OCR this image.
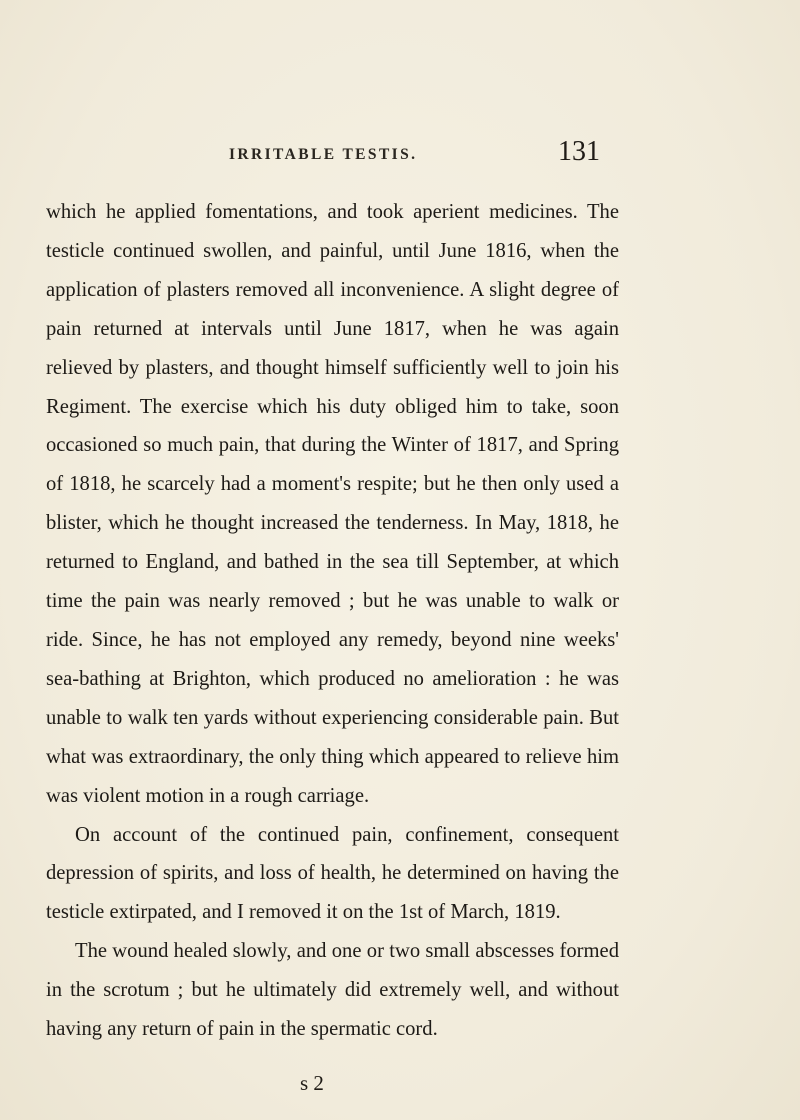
IRRITABLE TESTIS.	131

which he applied fomentations, and took aperient medicines. The testicle continued swollen, and painful, until June 1816, when the application of plasters removed all inconvenience. A slight degree of pain returned at intervals until June 1817, when he was again relieved by plasters, and thought himself sufficiently well to join his Regiment. The exercise which his duty obliged him to take, soon occasioned so much pain, that during the Winter of 1817, and Spring of 1818, he scarcely had a moment's respite; but he then only used a blister, which he thought increased the tenderness. In May, 1818, he returned to England, and bathed in the sea till September, at which time the pain was nearly removed ; but he was unable to walk or ride. Since, he has not employed any remedy, beyond nine weeks' sea-bathing at Brighton, which produced no amelioration : he was unable to walk ten yards without experiencing considerable pain. But what was extraordinary, the only thing which appeared to relieve him was violent motion in a rough carriage.

On account of the continued pain, confinement, consequent depression of spirits, and loss of health, he determined on having the testicle extirpated, and I removed it on the 1st of March, 1819.

The wound healed slowly, and one or two small abscesses formed in the scrotum ; but he ultimately did extremely well, and without having any return of pain in the spermatic cord.

s 2
